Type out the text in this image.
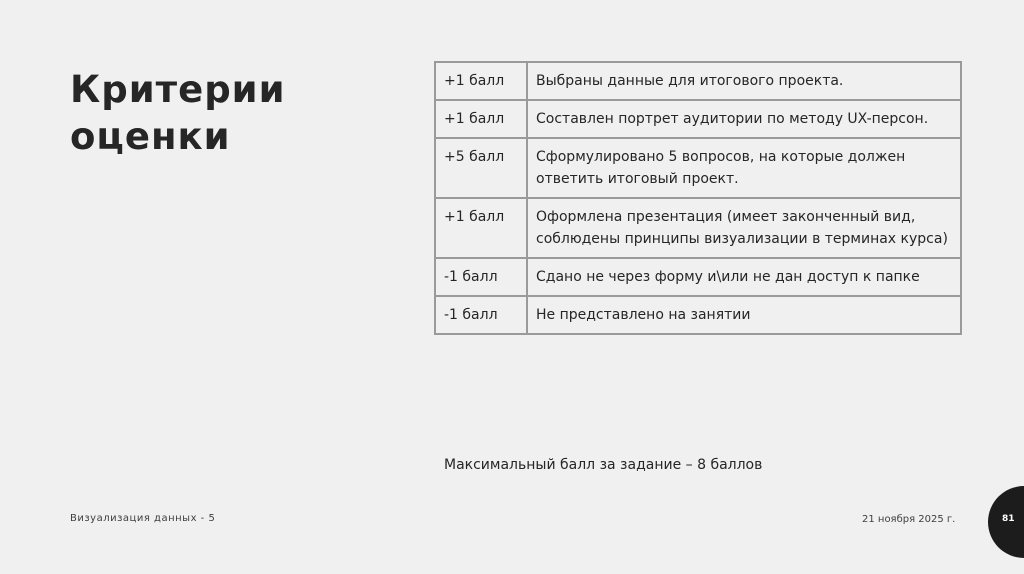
Критерии оценки
+1 балл	Выбраны данные для итогового проекта.
+1 балл	Составлен портрет аудитории по методу UX-персон.
+5 балл	Сформулировано 5 вопросов, на которые должен ответить итоговый проект.
+1 балл	Оформлена презентация (имеет законченный вид, соблюдены принципы визуализации в терминах курса)
-1 балл	Сдано не через форму и\или не дан доступ к папке
-1 балл	Не представлено на занятии
Максимальный балл за задание – 8 баллов
Визуализация данных - 5	21 ноября 2025 г.	81
